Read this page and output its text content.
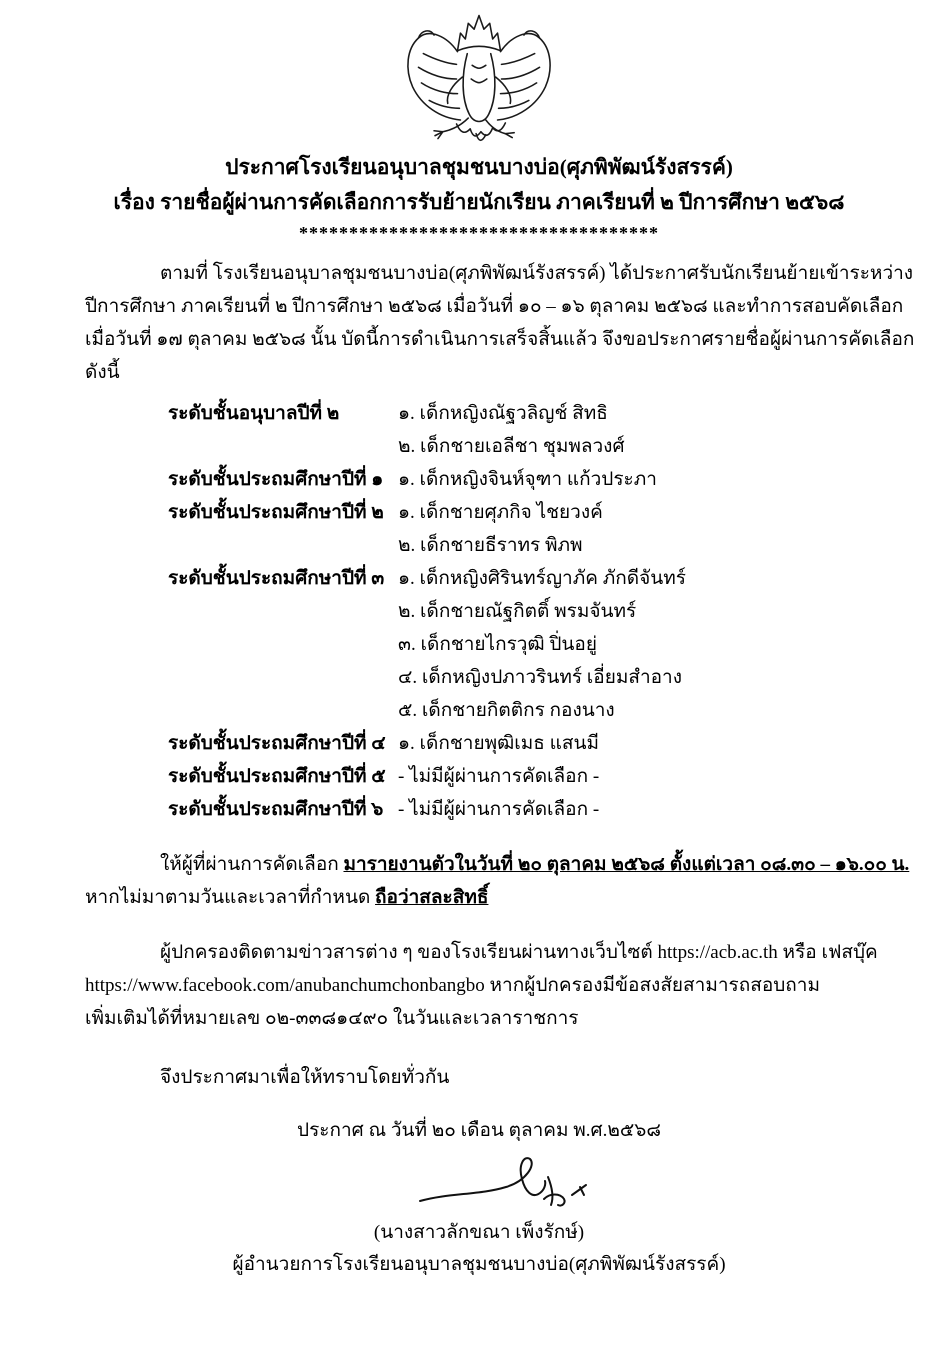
ประกาศโรงเรียนอนุบาลชุมชนบางบ่อ(ศุภพิพัฒน์รังสรรค์)
เรื่อง รายชื่อผู้ผ่านการคัดเลือกการรับย้ายนักเรียน ภาคเรียนที่ ๒ ปีการศึกษา ๒๕๖๘
************************************
ตามที่ โรงเรียนอนุบาลชุมชนบางบ่อ(ศุภพิพัฒน์รังสรรค์) ได้ประกาศรับนักเรียนย้ายเข้าระหว่าง
ปีการศึกษา ภาคเรียนที่ ๒ ปีการศึกษา ๒๕๖๘ เมื่อวันที่ ๑๐ – ๑๖ ตุลาคม ๒๕๖๘ และทำการสอบคัดเลือก
เมื่อวันที่ ๑๗ ตุลาคม ๒๕๖๘ นั้น บัดนี้การดำเนินการเสร็จสิ้นแล้ว จึงขอประกาศรายชื่อผู้ผ่านการคัดเลือก
ดังนี้
ระดับชั้นอนุบาลปีที่ ๒	๑. เด็กหญิงณัฐวลิญช์ สิทธิ
๒. เด็กชายเอลีชา ชุมพลวงศ์
ระดับชั้นประถมศึกษาปีที่ ๑ ๑. เด็กหญิงจินห์จุฑา แก้วประภา
ระดับชั้นประถมศึกษาปีที่ ๒ ๑. เด็กชายศุภกิจ ไชยวงค์
๒. เด็กชายธีราทร พิภพ
ระดับชั้นประถมศึกษาปีที่ ๓ ๑. เด็กหญิงศิรินทร์ญาภัค ภักดีจันทร์
๒. เด็กชายณัฐกิตติ์ พรมจันทร์
๓. เด็กชายไกรวุฒิ ปิ่นอยู่
๔. เด็กหญิงปภาวรินทร์ เอี่ยมสำอาง
๕. เด็กชายกิตติกร กองนาง
ระดับชั้นประถมศึกษาปีที่ ๔ ๑. เด็กชายพุฒิเมธ แสนมี
ระดับชั้นประถมศึกษาปีที่ ๕ - ไม่มีผู้ผ่านการคัดเลือก -
ระดับชั้นประถมศึกษาปีที่ ๖ - ไม่มีผู้ผ่านการคัดเลือก -
ให้ผู้ที่ผ่านการคัดเลือก มารายงานตัวในวันที่ ๒๐ ตุลาคม ๒๕๖๘ ตั้งแต่เวลา ๐๘.๓๐ – ๑๖.๐๐ น.
หากไม่มาตามวันและเวลาที่กำหนด ถือว่าสละสิทธิ์
ผู้ปกครองติดตามข่าวสารต่าง ๆ ของโรงเรียนผ่านทางเว็บไซต์ https://acb.ac.th หรือ เฟสบุ๊ค
https://www.facebook.com/anubanchumchonbangbo หากผู้ปกครองมีข้อสงสัยสามารถสอบถาม
เพิ่มเติมได้ที่หมายเลข ๐๒-๓๓๘๑๔๙๐ ในวันและเวลาราชการ
จึงประกาศมาเพื่อให้ทราบโดยทั่วกัน
ประกาศ ณ วันที่ ๒๐ เดือน ตุลาคม พ.ศ.๒๕๖๘
(นางสาวลักขณา เพ็งรักษ์)
ผู้อำนวยการโรงเรียนอนุบาลชุมชนบางบ่อ(ศุภพิพัฒน์รังสรรค์)
